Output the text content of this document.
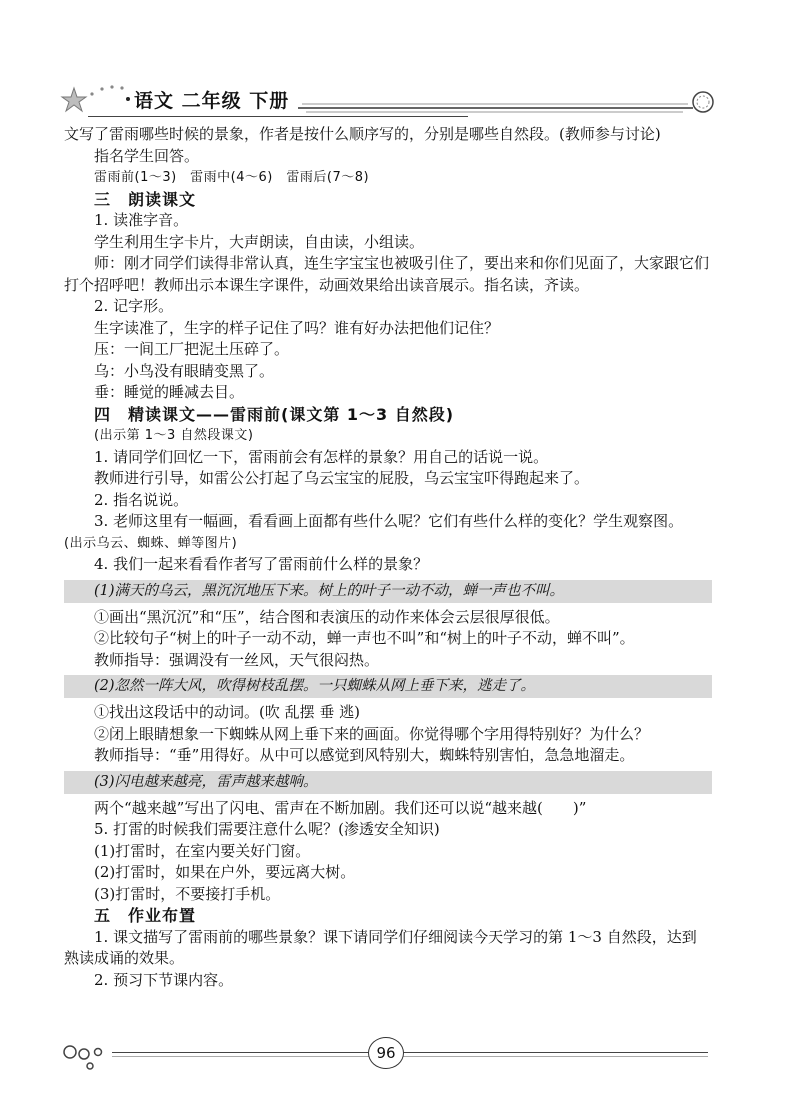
语文 二年级 下册
文写了雷雨哪些时候的景象，作者是按什么顺序写的，分别是哪些自然段。(教师参与讨论)
指名学生回答。
雷雨前(1～3)　雷雨中(4～6)　雷雨后(7～8)
三　朗读课文
1. 读准字音。
学生利用生字卡片，大声朗读，自由读，小组读。
师：刚才同学们读得非常认真，连生字宝宝也被吸引住了，要出来和你们见面了，大家跟它们
打个招呼吧！教师出示本课生字课件，动画效果给出读音展示。指名读，齐读。
2. 记字形。
生字读准了，生字的样子记住了吗？谁有好办法把他们记住？
压：一间工厂把泥土压碎了。
乌：小鸟没有眼睛变黑了。
垂：睡觉的睡减去目。
四　精读课文——雷雨前(课文第 1～3 自然段)
(出示第 1～3 自然段课文)
1. 请同学们回忆一下，雷雨前会有怎样的景象？用自己的话说一说。
教师进行引导，如雷公公打起了乌云宝宝的屁股，乌云宝宝吓得跑起来了。
2. 指名说说。
3. 老师这里有一幅画，看看画上面都有些什么呢？它们有些什么样的变化？学生观察图。
(出示乌云、蜘蛛、蝉等图片)
4. 我们一起来看看作者写了雷雨前什么样的景象？
(1)满天的乌云，黑沉沉地压下来。树上的叶子一动不动，蝉一声也不叫。
①画出“黑沉沉”和“压”，结合图和表演压的动作来体会云层很厚很低。
②比较句子“树上的叶子一动不动，蝉一声也不叫”和“树上的叶子不动，蝉不叫”。
教师指导：强调没有一丝风，天气很闷热。
(2)忽然一阵大风，吹得树枝乱摆。一只蜘蛛从网上垂下来，逃走了。
①找出这段话中的动词。(吹 乱摆 垂 逃)
②闭上眼睛想象一下蜘蛛从网上垂下来的画面。你觉得哪个字用得特别好？为什么？
教师指导：“垂”用得好。从中可以感觉到风特别大，蜘蛛特别害怕，急急地溜走。
(3)闪电越来越亮，雷声越来越响。
两个“越来越”写出了闪电、雷声在不断加剧。我们还可以说“越来越(　　)”
5. 打雷的时候我们需要注意什么呢？(渗透安全知识)
(1)打雷时，在室内要关好门窗。
(2)打雷时，如果在户外，要远离大树。
(3)打雷时，不要接打手机。
五　作业布置
1. 课文描写了雷雨前的哪些景象？课下请同学们仔细阅读今天学习的第 1～3 自然段，达到
熟读成诵的效果。
2. 预习下节课内容。
96
